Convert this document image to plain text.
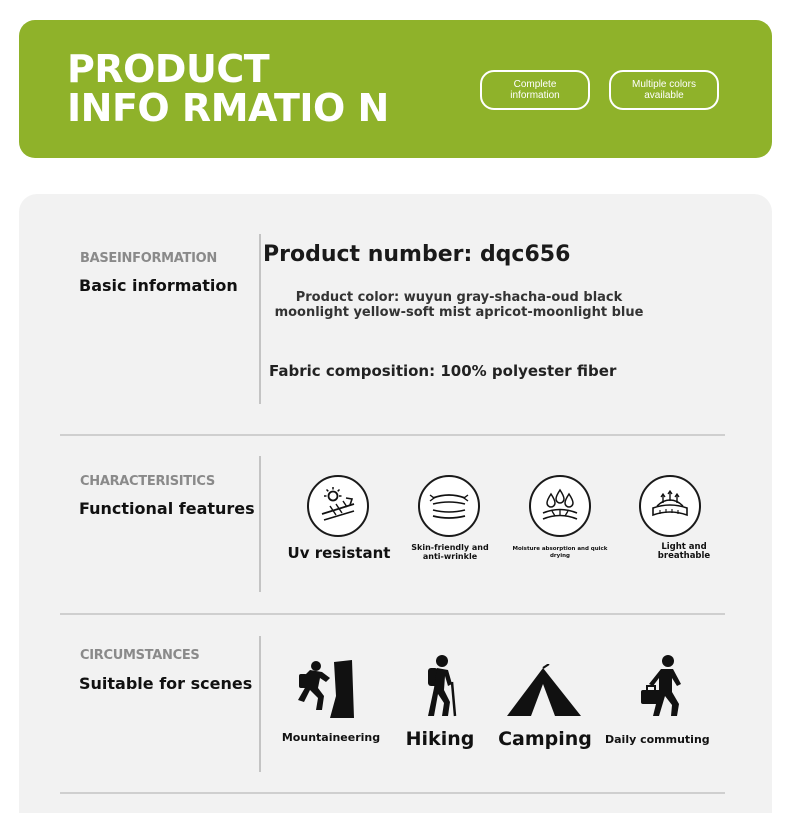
PRODUCT
INFO RMATIO N
Complete information
Multiple colors available
BASEINFORMATION
Basic information
Product number: dqc656
Product color: wuyun gray-shacha-oud black moonlight yellow-soft mist apricot-moonlight blue
Fabric composition: 100% polyester fiber
CHARACTERISITICS
Functional features
Uv resistant	Skin-friendly and anti-wrinkle
Moisture absorption and quick drying
Light and breathable
CIRCUMSTANCES
Suitable for scenes
Mountaineering Hiking Camping	Daily commuting
